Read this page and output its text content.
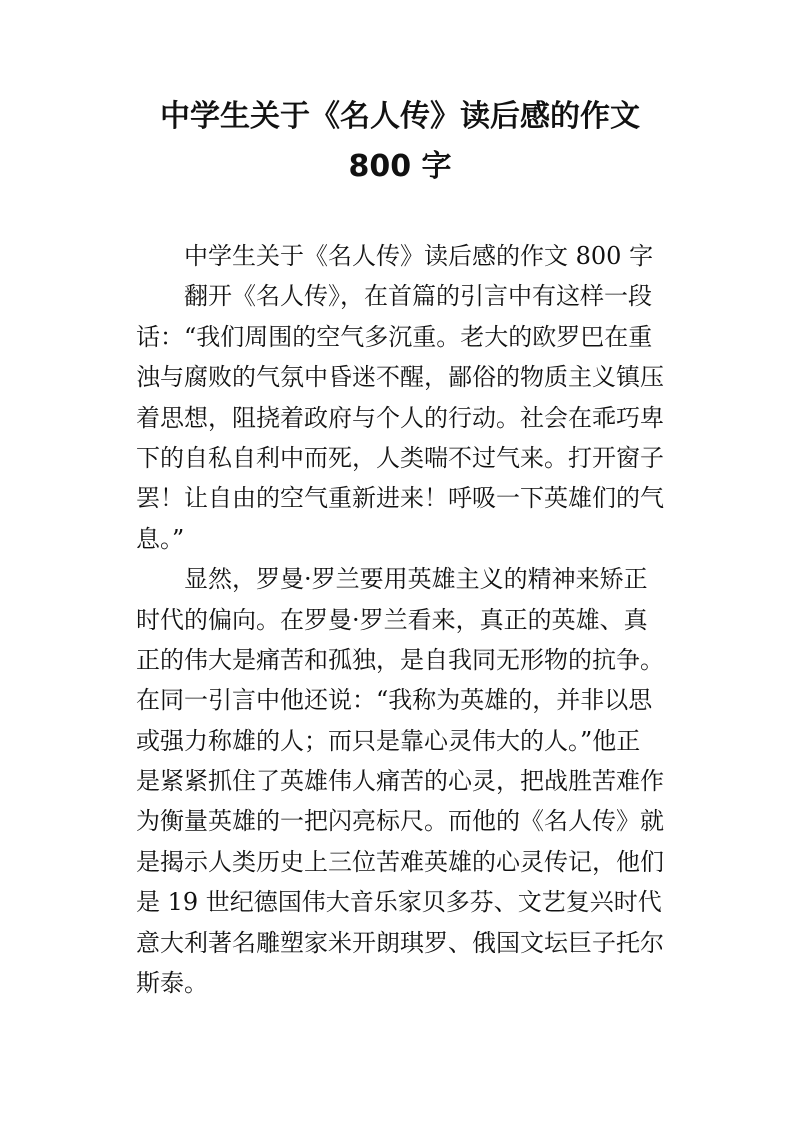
中学生关于《名人传》读后感的作文
800 字
中学生关于《名人传》读后感的作文 800 字
翻开《名人传》，在首篇的引言中有这样一段
话：“我们周围的空气多沉重。老大的欧罗巴在重
浊与腐败的气氛中昏迷不醒，鄙俗的物质主义镇压
着思想，阻挠着政府与个人的行动。社会在乖巧卑
下的自私自利中而死，人类喘不过气来。打开窗子
罢！让自由的空气重新进来！呼吸一下英雄们的气
息。”
显然，罗曼·罗兰要用英雄主义的精神来矫正
时代的偏向。在罗曼·罗兰看来，真正的英雄、真
正的伟大是痛苦和孤独，是自我同无形物的抗争。
在同一引言中他还说：“我称为英雄的，并非以思
或强力称雄的人；而只是靠心灵伟大的人。”他正
是紧紧抓住了英雄伟人痛苦的心灵，把战胜苦难作
为衡量英雄的一把闪亮标尺。而他的《名人传》就
是揭示人类历史上三位苦难英雄的心灵传记，他们
是 19 世纪德国伟大音乐家贝多芬、文艺复兴时代
意大利著名雕塑家米开朗琪罗、俄国文坛巨子托尔
斯泰。
